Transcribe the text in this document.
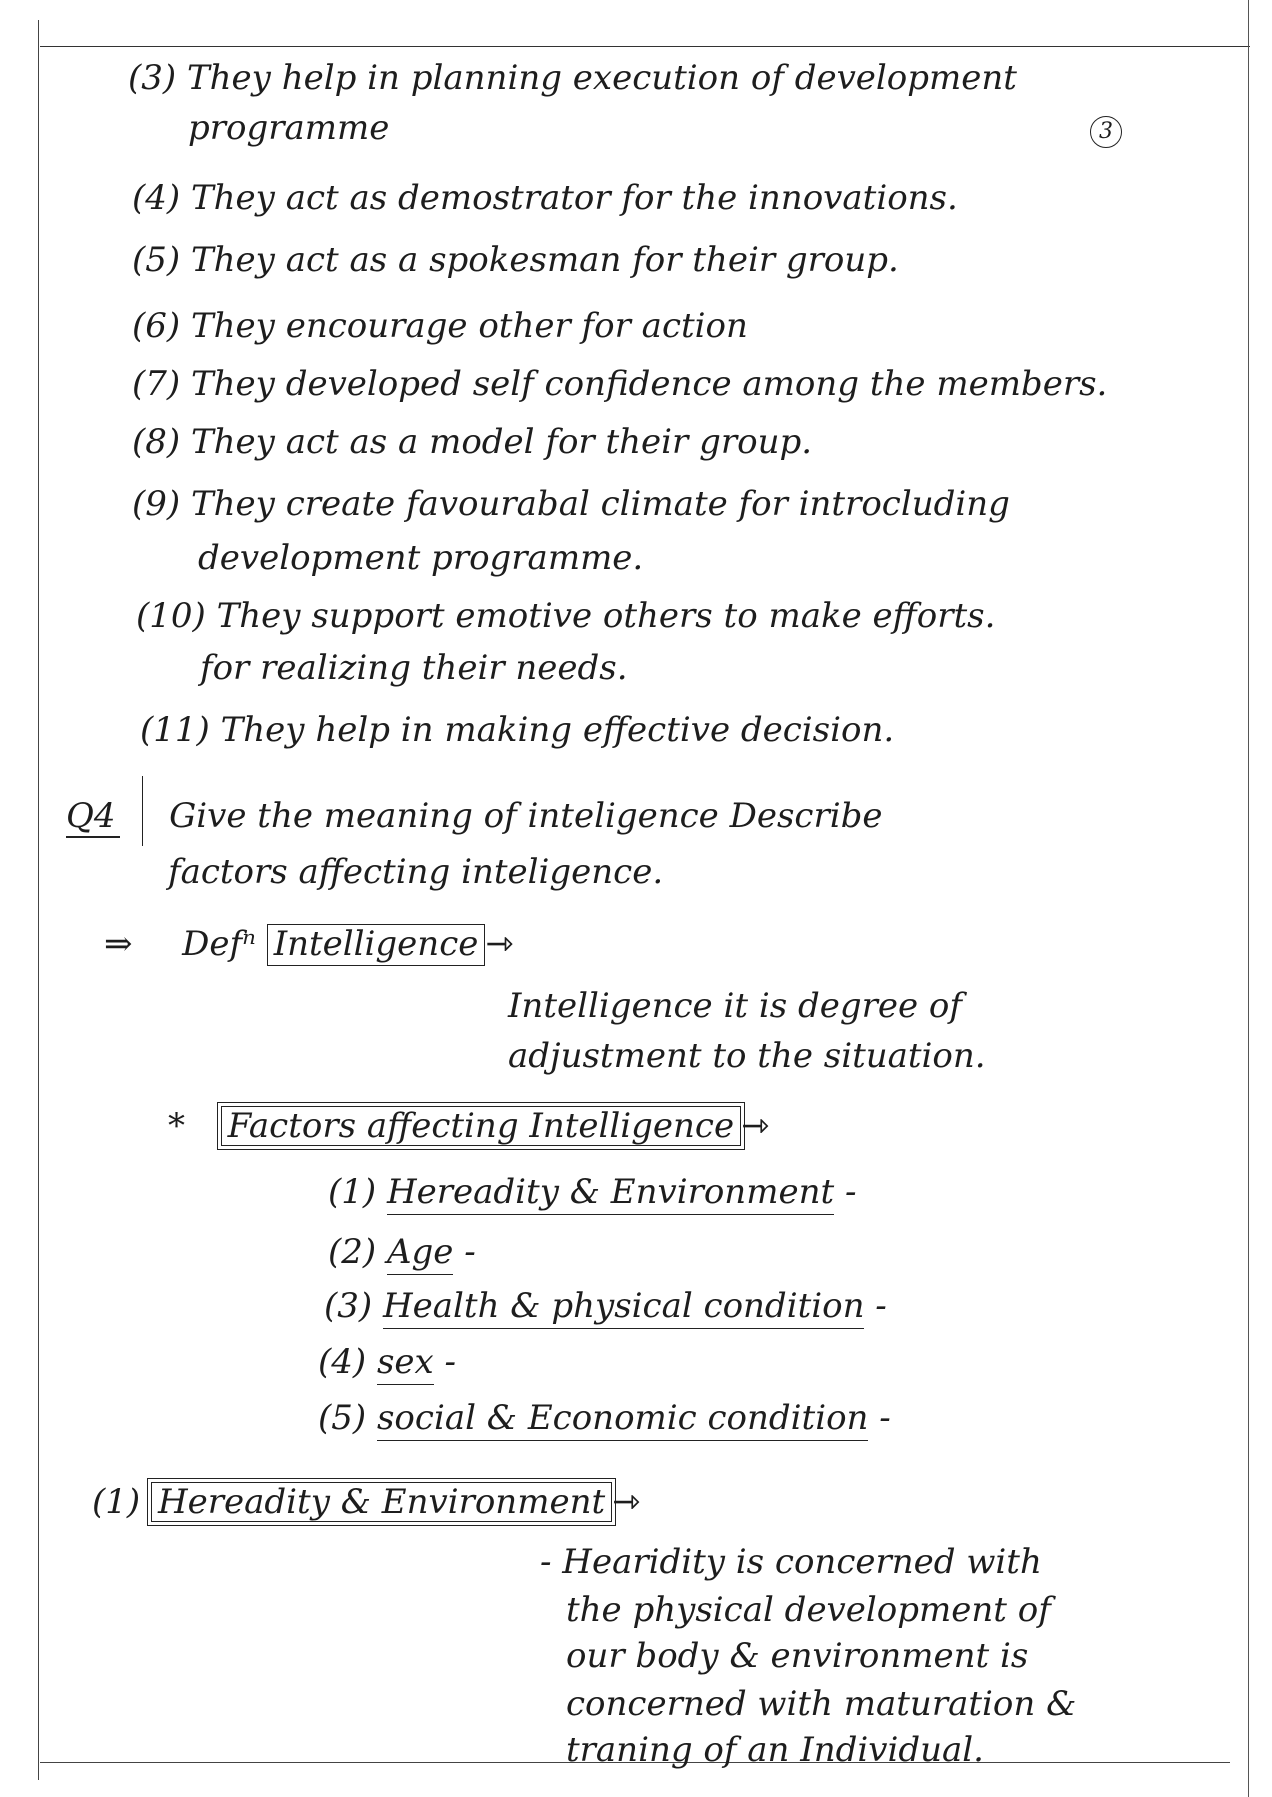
3
(3) They help in planning execution of development
programme
(4) They act as demostrator for the innovations.
(5) They act as a spokesman for their group.
(6) They encourage other for action
(7) They developed self confidence among the members.
(8) They act as a model for their group.
(9) They create favourabal climate for introcluding
development programme.
(10) They support emotive others to make efforts.
for realizing their needs.
(11) They help in making effective decision.
Q4 Give the meaning of inteligence Describe
factors affecting inteligence.
⇒ Defⁿ Intelligence ⇾
Intelligence it is degree of
adjustment to the situation.
* Factors affecting Intelligence ⇾
(1) Hereadity & Environment -
(2) Age -
(3) Health & physical condition -
(4) sex -
(5) social & Economic condition -
(1) Hereadity & Environment ⇾
- Hearidity is concerned with
the physical development of
our body & environment is
concerned with maturation &
traning of an Individual.
